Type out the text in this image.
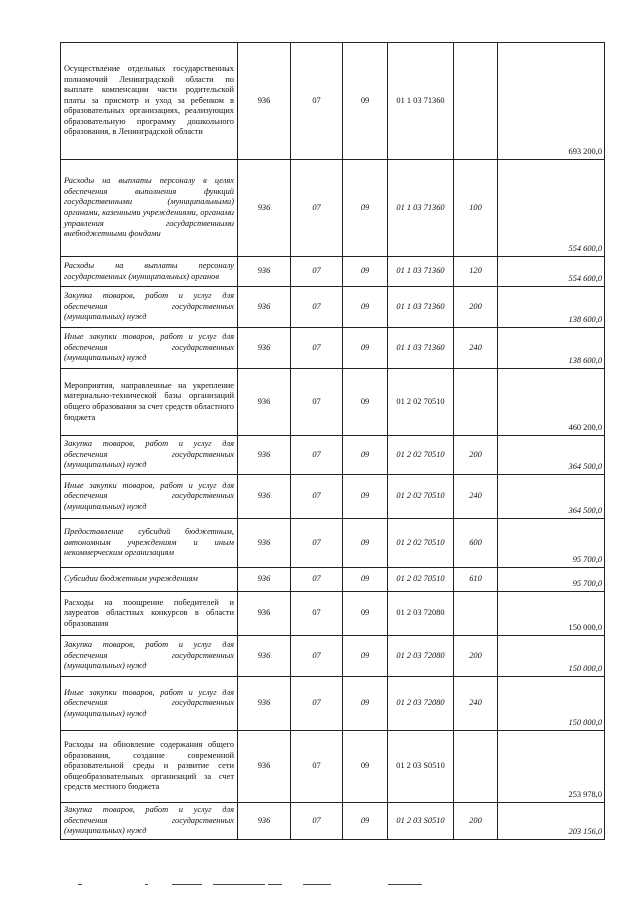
Осуществление отдельных государственных полномочий Ленинградской области по выплате компенсации части родительской платы за присмотр и уход за ребенком в образовательных организациях, реализующих образовательную программу дошкольного образования, в Ленинградской области	936	07	09	01 1 03 71360		693 200,0
Расходы на выплаты персоналу в целях обеспечения выполнения функций государственными (муниципальными) органами, казенными учреждениями, органами управления государственными внебюджетными фондами	936	07	09	01 1 03 71360	100	554 600,0
Расходы на выплаты персоналу государственных (муниципальных) органов	936	07	09	01 1 03 71360	120	554 600,0
Закупка товаров, работ и услуг для обеспечения государственных (муниципальных) нужд	936	07	09	01 1 03 71360	200	138 600,0
Иные закупки товаров, работ и услуг для обеспечения государственных (муниципальных) нужд	936	07	09	01 1 03 71360	240	138 600,0
Мероприятия, направленные на укрепление материально-технической базы организаций общего образования за счет средств областного бюджета	936	07	09	01 2 02 70510		460 200,0
Закупка товаров, работ и услуг для обеспечения государственных (муниципальных) нужд	936	07	09	01 2 02 70510	200	364 500,0
Иные закупки товаров, работ и услуг для обеспечения государственных (муниципальных) нужд	936	07	09	01 2 02 70510	240	364 500,0
Предоставление субсидий бюджетным, автономным учреждениям и иным некоммерческим организациям	936	07	09	01 2 02 70510	600	95 700,0
Субсидии бюджетным учреждениям	936	07	09	01 2 02 70510	610	95 700,0
Расходы на поощрение победителей и лауреатов областных конкурсов в области образования	936	07	09	01 2 03 72080		150 000,0
Закупка товаров, работ и услуг для обеспечения государственных (муниципальных) нужд	936	07	09	01 2 03 72080	200	150 000,0
Иные закупки товаров, работ и услуг для обеспечения государственных (муниципальных) нужд	936	07	09	01 2 03 72080	240	150 000,0
Расходы на обновление содержания общего образования, создание современной образовательной среды и развитие сети общеобразовательных организаций за счет средств местного бюджета	936	07	09	01 2 03 S0510		253 978,0
Закупка товаров, работ и услуг для обеспечения государственных (муниципальных) нужд	936	07	09	01 2 03 S0510	200	203 156,0
